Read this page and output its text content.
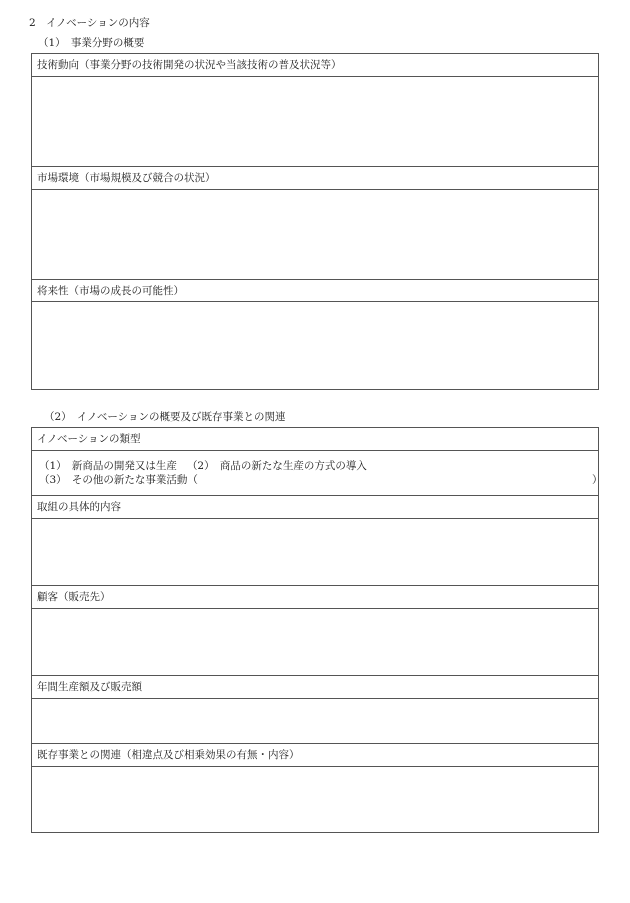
2　イノベーションの内容
（1）　事業分野の概要
技術動向（事業分野の技術開発の状況や当該技術の普及状況等）
市場環境（市場規模及び競合の状況）
将来性（市場の成長の可能性）
（2）　イノベーションの概要及び既存事業との関連
イノベーションの類型
（1）　新商品の開発又は生産 （2）　商品の新たな生産の方式の導入
（3）　その他の新たな事業活動（	）
取組の具体的内容
顧客（販売先）
年間生産額及び販売額
既存事業との関連（相違点及び相乗効果の有無・内容）
